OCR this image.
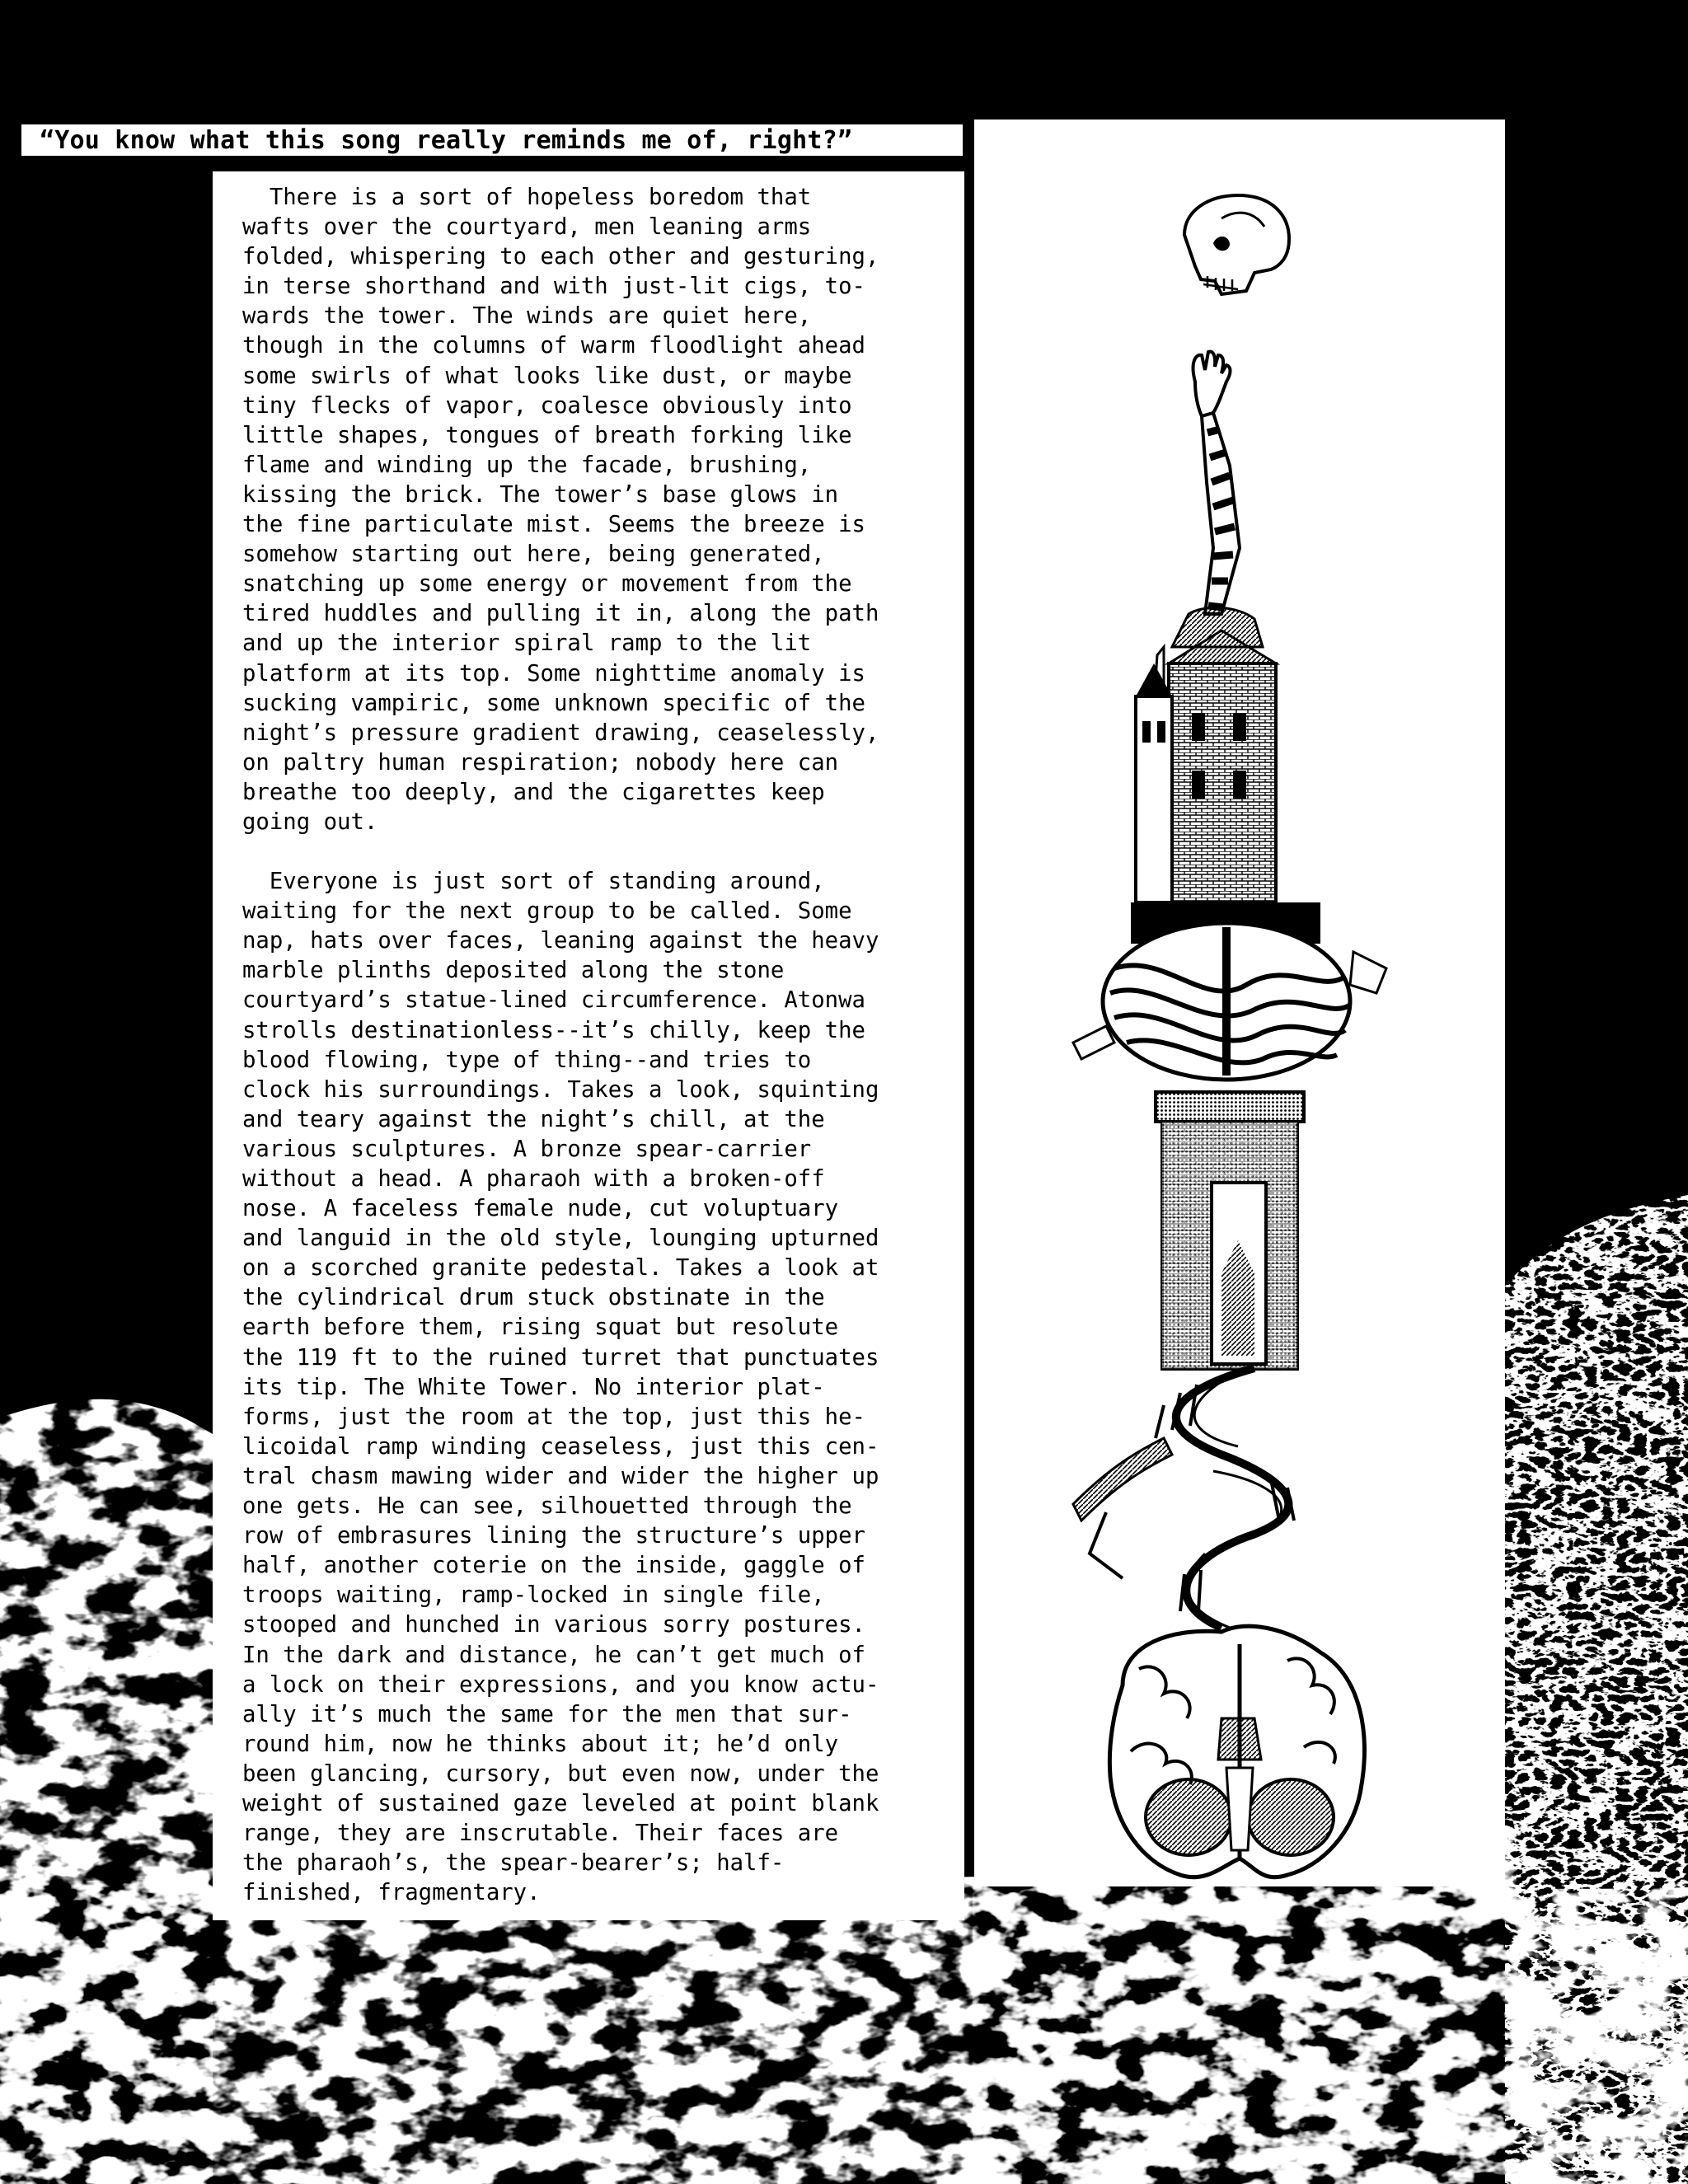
“You know what this song really reminds me of, right?”

There is a sort of hopeless boredom that
wafts over the courtyard, men leaning arms
folded, whispering to each other and gesturing,
in terse shorthand and with just-lit cigs, to-
wards the tower. The winds are quiet here,
though in the columns of warm floodlight ahead
some swirls of what looks like dust, or maybe
tiny flecks of vapor, coalesce obviously into
little shapes, tongues of breath forking like
flame and winding up the facade, brushing,
kissing the brick. The tower’s base glows in
the fine particulate mist. Seems the breeze is
somehow starting out here, being generated,
snatching up some energy or movement from the
tired huddles and pulling it in, along the path
and up the interior spiral ramp to the lit
platform at its top. Some nighttime anomaly is
sucking vampiric, some unknown specific of the
night’s pressure gradient drawing, ceaselessly,
on paltry human respiration; nobody here can
breathe too deeply, and the cigarettes keep
going out.

Everyone is just sort of standing around,
waiting for the next group to be called. Some
nap, hats over faces, leaning against the heavy
marble plinths deposited along the stone
courtyard’s statue-lined circumference. Atonwa
strolls destinationless--it’s chilly, keep the
blood flowing, type of thing--and tries to
clock his surroundings. Takes a look, squinting
and teary against the night’s chill, at the
various sculptures. A bronze spear-carrier
without a head. A pharaoh with a broken-off
nose. A faceless female nude, cut voluptuary
and languid in the old style, lounging upturned
on a scorched granite pedestal. Takes a look at
the cylindrical drum stuck obstinate in the
earth before them, rising squat but resolute
the 119 ft to the ruined turret that punctuates
its tip. The White Tower. No interior plat-
forms, just the room at the top, just this he-
licoidal ramp winding ceaseless, just this cen-
tral chasm mawing wider and wider the higher up
one gets. He can see, silhouetted through the
row of embrasures lining the structure’s upper
half, another coterie on the inside, gaggle of
troops waiting, ramp-locked in single file,
stooped and hunched in various sorry postures.
In the dark and distance, he can’t get much of
a lock on their expressions, and you know actu-
ally it’s much the same for the men that sur-
round him, now he thinks about it; he’d only
been glancing, cursory, but even now, under the
weight of sustained gaze leveled at point blank
range, they are inscrutable. Their faces are
the pharaoh’s, the spear-bearer’s; half-
finished, fragmentary.
